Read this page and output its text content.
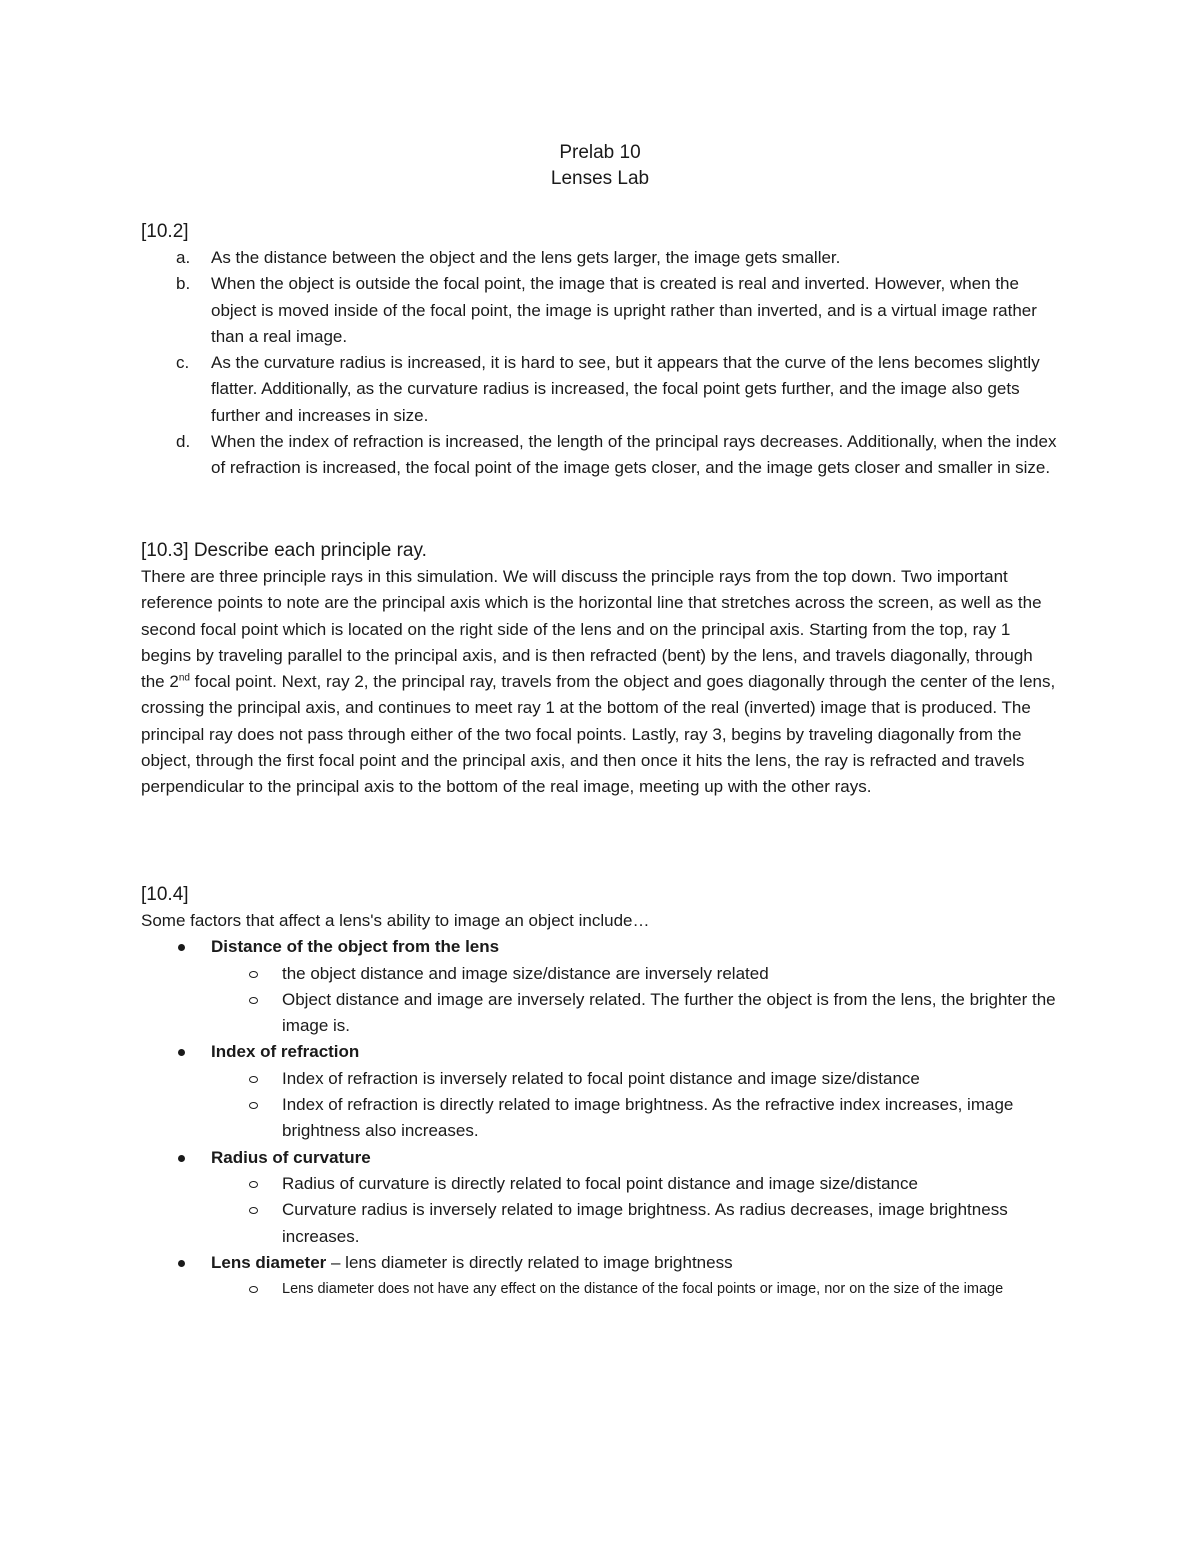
Prelab 10
Lenses Lab
[10.2]
a. As the distance between the object and the lens gets larger, the image gets smaller.
b. When the object is outside the focal point, the image that is created is real and inverted. However, when the object is moved inside of the focal point, the image is upright rather than inverted, and is a virtual image rather than a real image.
c. As the curvature radius is increased, it is hard to see, but it appears that the curve of the lens becomes slightly flatter. Additionally, as the curvature radius is increased, the focal point gets further, and the image also gets further and increases in size.
d. When the index of refraction is increased, the length of the principal rays decreases. Additionally, when the index of refraction is increased, the focal point of the image gets closer, and the image gets closer and smaller in size.
[10.3] Describe each principle ray.

There are three principle rays in this simulation. We will discuss the principle rays from the top down. Two important reference points to note are the principal axis which is the horizontal line that stretches across the screen, as well as the second focal point which is located on the right side of the lens and on the principal axis. Starting from the top, ray 1 begins by traveling parallel to the principal axis, and is then refracted (bent) by the lens, and travels diagonally, through the 2nd focal point. Next, ray 2, the principal ray, travels from the object and goes diagonally through the center of the lens, crossing the principal axis, and continues to meet ray 1 at the bottom of the real (inverted) image that is produced. The principal ray does not pass through either of the two focal points. Lastly, ray 3, begins by traveling diagonally from the object, through the first focal point and the principal axis, and then once it hits the lens, the ray is refracted and travels perpendicular to the principal axis to the bottom of the real image, meeting up with the other rays.

[10.4]
Some factors that affect a lens's ability to image an object include…
Distance of the object from the lens
the object distance and image size/distance are inversely related
Object distance and image are inversely related. The further the object is from the lens, the brighter the image is.
Index of refraction
Index of refraction is inversely related to focal point distance and image size/distance
Index of refraction is directly related to image brightness. As the refractive index increases, image brightness also increases.
Radius of curvature
Radius of curvature is directly related to focal point distance and image size/distance
Curvature radius is inversely related to image brightness. As radius decreases, image brightness increases.
Lens diameter – lens diameter is directly related to image brightness
Lens diameter does not have any effect on the distance of the focal points or image, nor on the size of the image
